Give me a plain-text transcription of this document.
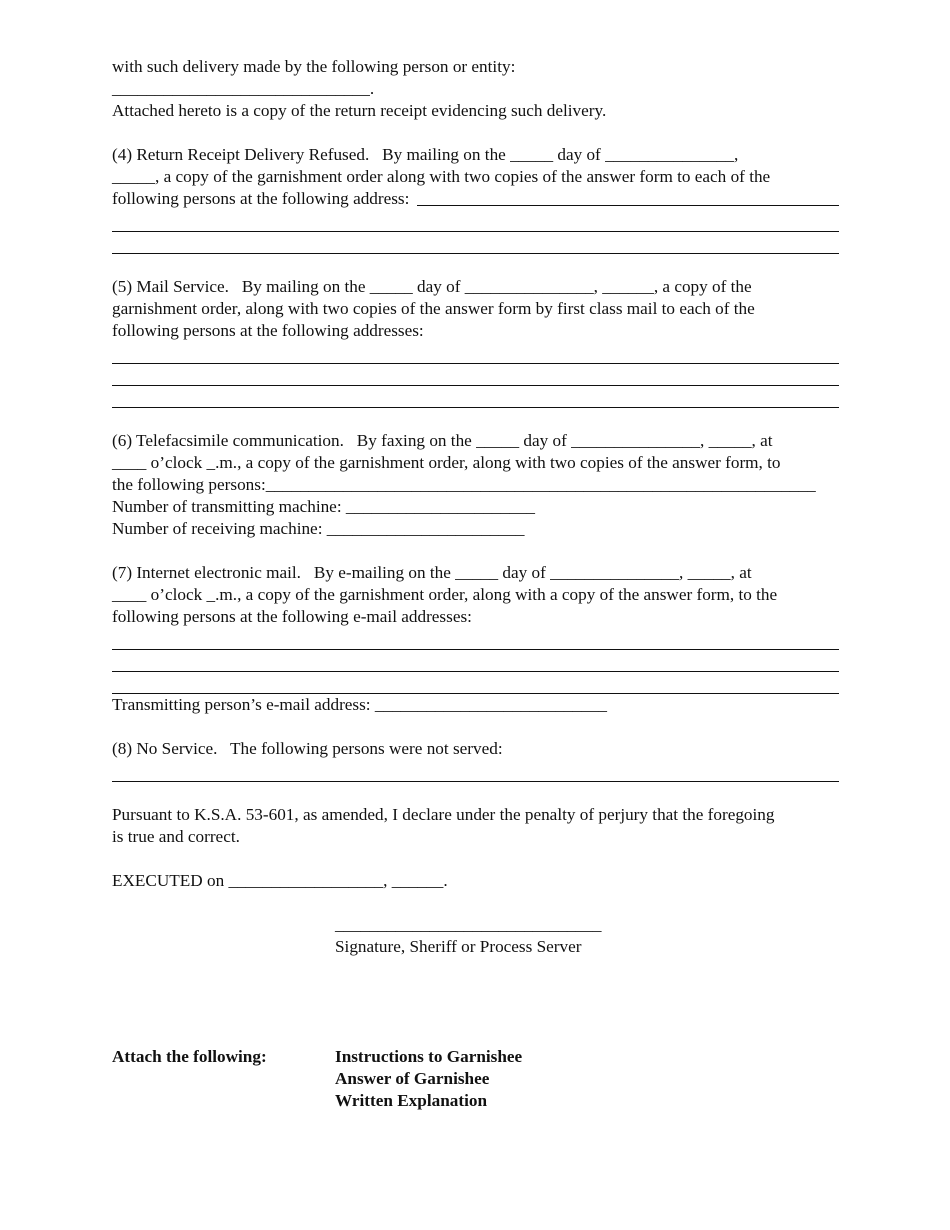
with such delivery made by the following person or entity:
______________________________.
Attached hereto is a copy of the return receipt evidencing such delivery.
(4) Return Receipt Delivery Refused.   By mailing on the _____ day of _______________,
_____, a copy of the garnishment order along with two copies of the answer form to each of the
following persons at the following address:
(5) Mail Service.   By mailing on the _____ day of _______________, ______, a copy of the
garnishment order, along with two copies of the answer form by first class mail to each of the
following persons at the following addresses:
(6) Telefacsimile communication.   By faxing on the _____ day of _______________, _____, at
____ o’clock _.m., a copy of the garnishment order, along with two copies of the answer form, to
the following persons:________________________________________________________________
Number of transmitting machine: ______________________
Number of receiving machine: _______________________
(7) Internet electronic mail.   By e-mailing on the _____ day of _______________, _____, at
____ o’clock _.m., a copy of the garnishment order, along with a copy of the answer form, to the
following persons at the following e-mail addresses:
Transmitting person’s e-mail address: ___________________________
(8) No Service.   The following persons were not served:
Pursuant to K.S.A. 53-601, as amended, I declare under the penalty of perjury that the foregoing
is true and correct.
EXECUTED on __________________, ______.
_______________________________
Signature, Sheriff or Process Server
Attach the following:	Instructions to Garnishee
Answer of Garnishee
Written Explanation
